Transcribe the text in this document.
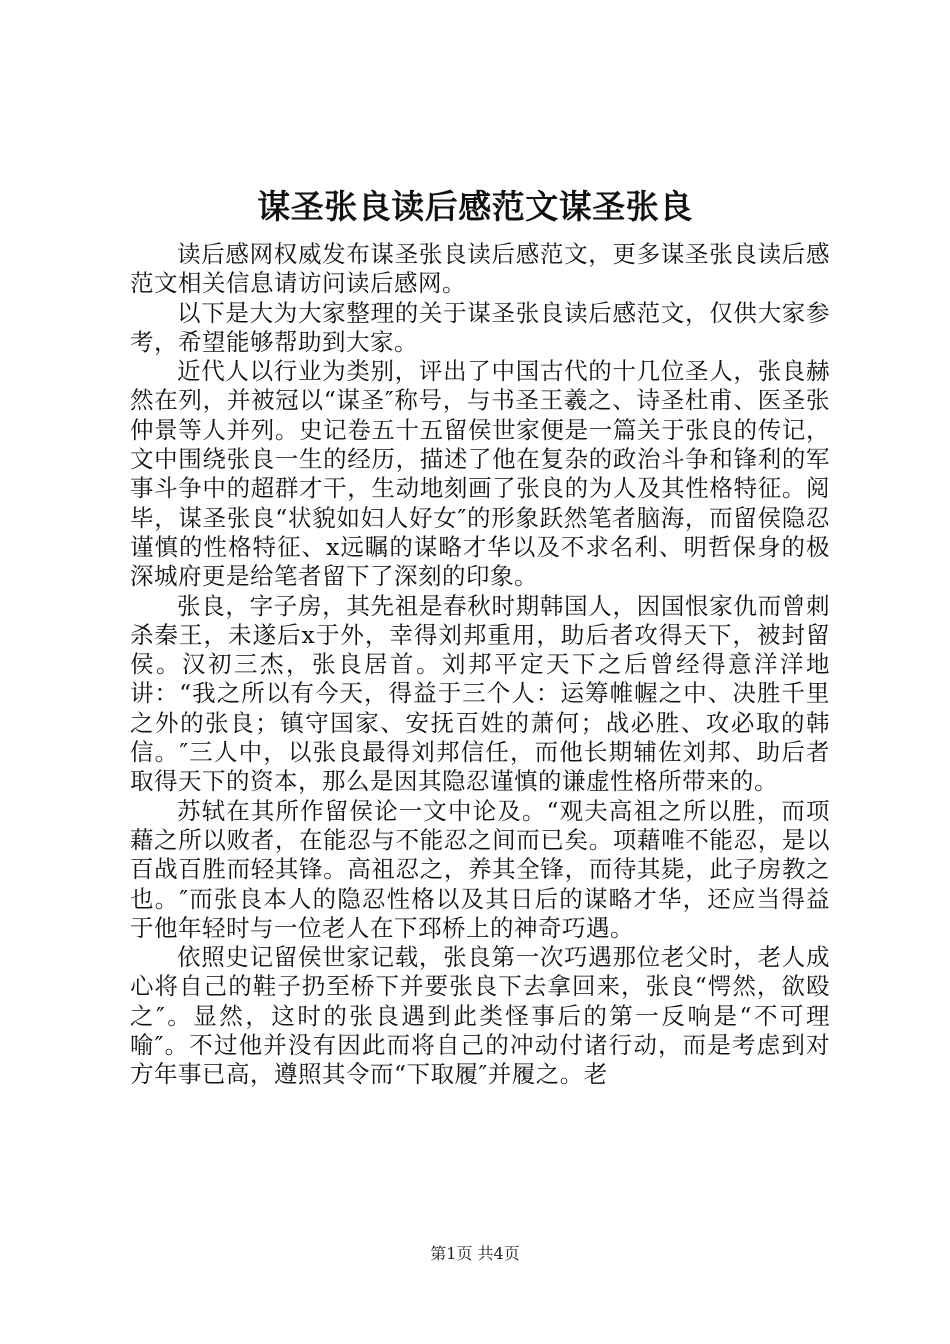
谋圣张良读后感范文谋圣张良

读后感网权威发布谋圣张良读后感范文，更多谋圣张良读后感范文相关信息请访问读后感网。

以下是大为大家整理的关于谋圣张良读后感范文，仅供大家参考，希望能够帮助到大家。

近代人以行业为类别，评出了中国古代的十几位圣人，张良赫然在列，并被冠以“谋圣″称号，与书圣王羲之、诗圣杜甫、医圣张仲景等人并列。史记卷五十五留侯世家便是一篇关于张良的传记，文中围绕张良一生的经历，描述了他在复杂的政治斗争和锋利的军事斗争中的超群才干，生动地刻画了张良的为人及其性格特征。阅毕，谋圣张良“状貌如妇人好女″的形象跃然笔者脑海，而留侯隐忍谨慎的性格特征、x远瞩的谋略才华以及不求名利、明哲保身的极深城府更是给笔者留下了深刻的印象。

张良，字子房，其先祖是春秋时期韩国人，因国恨家仇而曾刺杀秦王，未遂后x于外，幸得刘邦重用，助后者攻得天下，被封留侯。汉初三杰，张良居首。刘邦平定天下之后曾经得意洋洋地讲：“我之所以有今天，得益于三个人：运筹帷幄之中、决胜千里之外的张良；镇守国家、安抚百姓的萧何；战必胜、攻必取的韩信。″三人中，以张良最得刘邦信任，而他长期辅佐刘邦、助后者取得天下的资本，那么是因其隐忍谨慎的谦虚性格所带来的。

苏轼在其所作留侯论一文中论及。“观夫高祖之所以胜，而项藉之所以败者，在能忍与不能忍之间而已矣。项藉唯不能忍，是以百战百胜而轻其锋。高祖忍之，养其全锋，而待其毙，此子房教之也。″而张良本人的隐忍性格以及其日后的谋略才华，还应当得益于他年轻时与一位老人在下邳桥上的神奇巧遇。

依照史记留侯世家记载，张良第一次巧遇那位老父时，老人成心将自己的鞋子扔至桥下并要张良下去拿回来，张良“愕然，欲殴之″。显然，这时的张良遇到此类怪事后的第一反响是“不可理喻″。不过他并没有因此而将自己的冲动付诸行动，而是考虑到对方年事已高，遵照其令而“下取履″并履之。老

第1页 共4页
